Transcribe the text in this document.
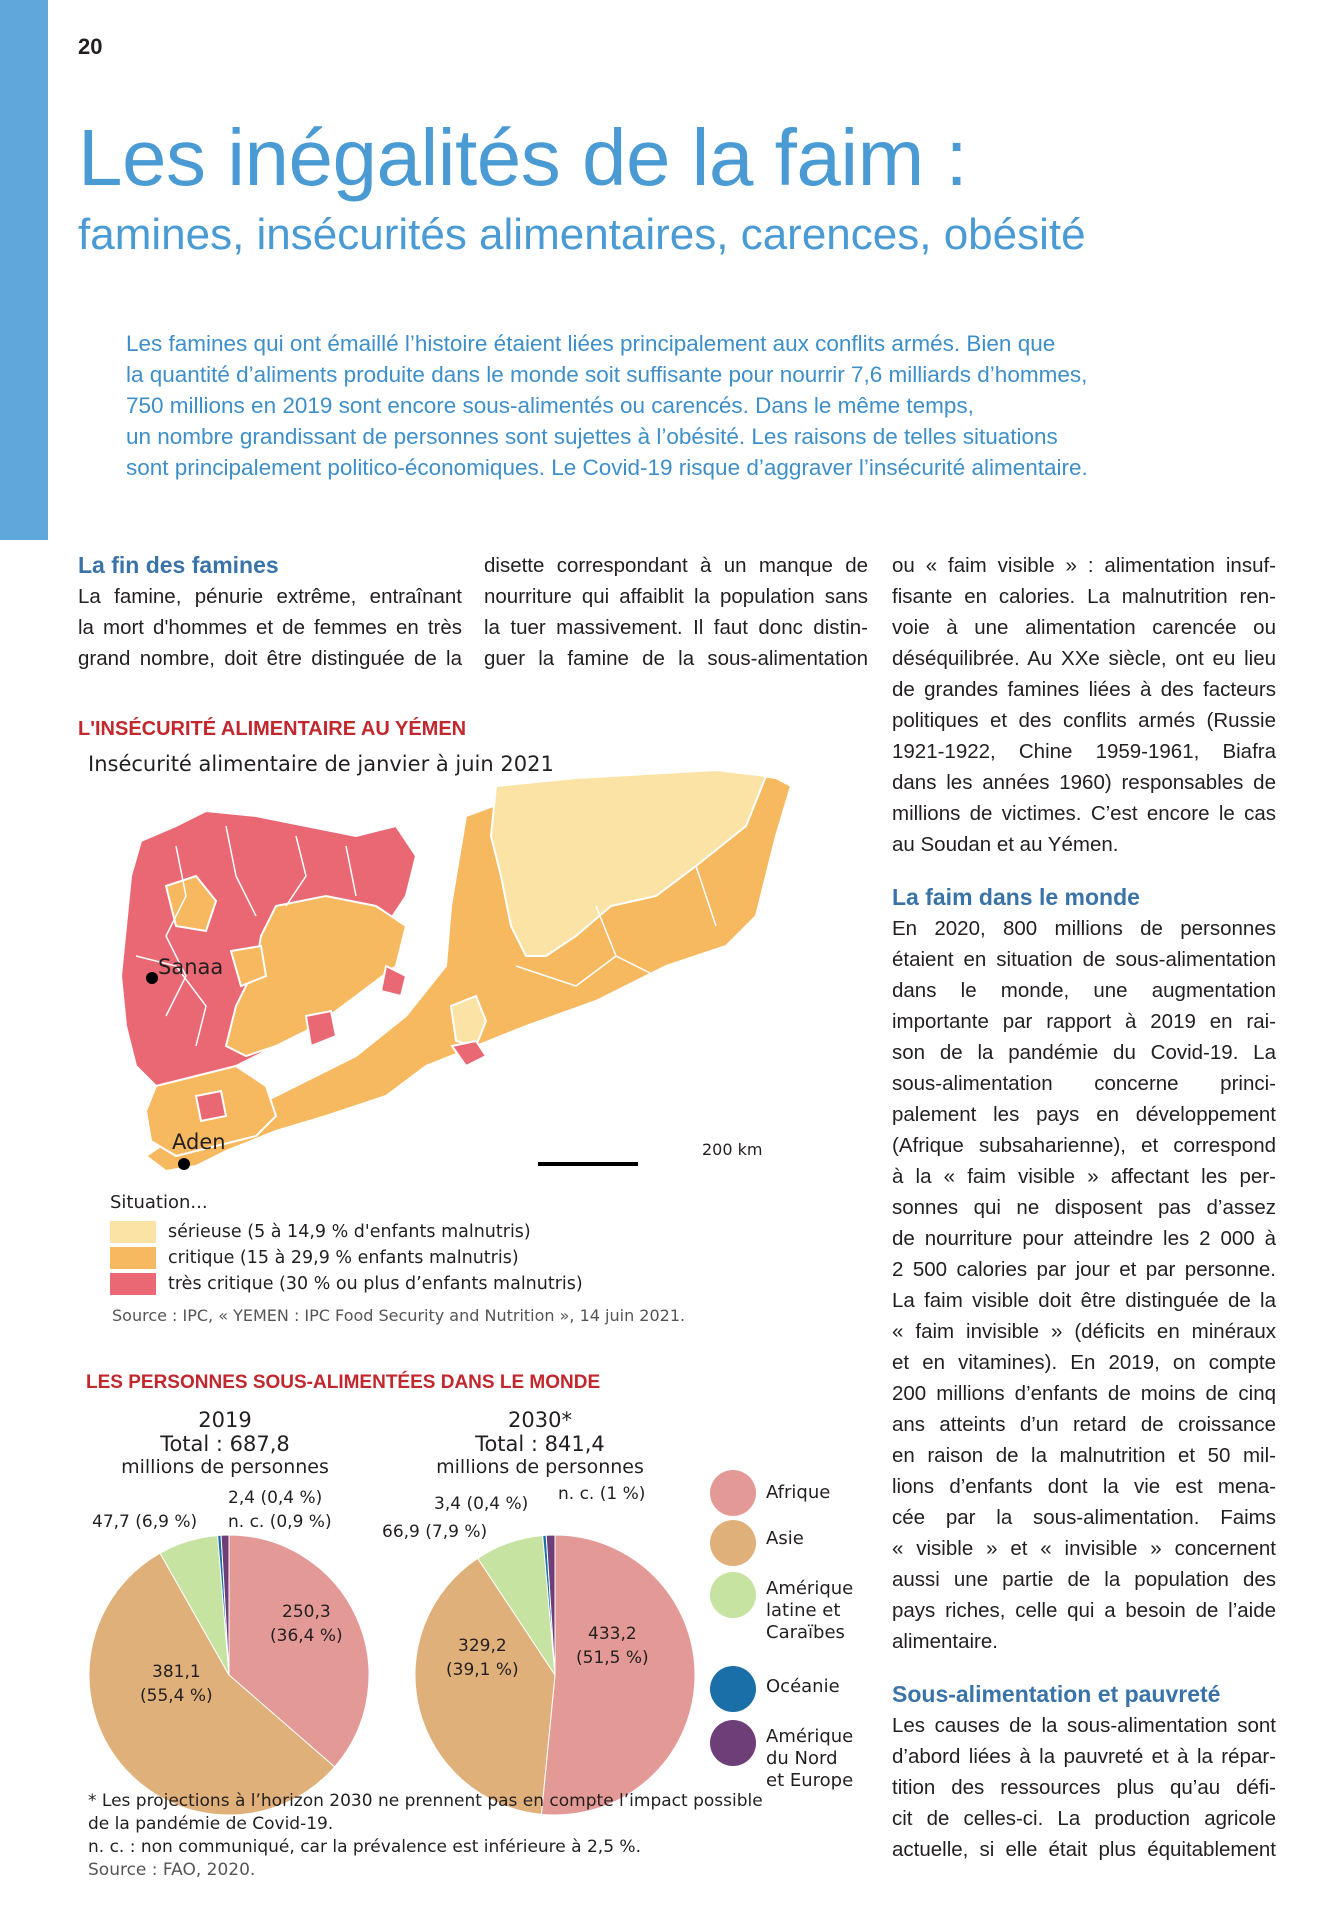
20
Les inégalités de la faim :
famines, insécurités alimentaires, carences, obésité

Les famines qui ont émaillé l’histoire étaient liées principalement aux conflits armés. Bien que

la quantité d’aliments produite dans le monde soit suffisante pour nourrir 7,6 milliards d’hommes,

750 millions en 2019 sont encore sous-alimentés ou carencés. Dans le même temps,

un nombre grandissant de personnes sont sujettes à l’obésité. Les raisons de telles situations

sont principalement politico-économiques. Le Covid-19 risque d’aggraver l’insécurité alimentaire.

La fin des famines
La famine, pénurie extrême, entraînant
la mort d'hommes et de femmes en très
grand nombre, doit être distinguée de la
disette correspondant à un manque de
nourriture qui affaiblit la population sans
la tuer massivement. Il faut donc distin-
guer la famine de la sous-alimentation
ou « faim visible » : alimentation insuf-
fisante en calories. La malnutrition ren-
voie à une alimentation carencée ou
déséquilibrée. Au XXe siècle, ont eu lieu
de grandes famines liées à des facteurs
politiques et des conflits armés (Russie
1921-1922, Chine 1959-1961, Biafra
dans les années 1960) responsables de
millions de victimes. C’est encore le cas
au Soudan et au Yémen.
La faim dans le monde
En 2020, 800 millions de personnes
étaient en situation de sous-alimentation
dans le monde, une augmentation
importante par rapport à 2019 en rai-
son de la pandémie du Covid-19. La
sous-alimentation concerne princi-
palement les pays en développement
(Afrique subsaharienne), et correspond
à la « faim visible » affectant les per-
sonnes qui ne disposent pas d’assez
de nourriture pour atteindre les 2 000 à
2 500 calories par jour et par personne.
La faim visible doit être distinguée de la
« faim invisible » (déficits en minéraux
et en vitamines). En 2019, on compte
200 millions d’enfants de moins de cinq
ans atteints d’un retard de croissance
en raison de la malnutrition et 50 mil-
lions d’enfants dont la vie est mena-
cée par la sous-alimentation. Faims
« visible » et « invisible » concernent
aussi une partie de la population des
pays riches, celle qui a besoin de l’aide
alimentaire.
Sous-alimentation et pauvreté
Les causes de la sous-alimentation sont
d’abord liées à la pauvreté et à la répar-
tition des ressources plus qu’au défi-
cit de celles-ci. La production agricole
actuelle, si elle était plus équitablement
L'INSÉCURITÉ ALIMENTAIRE AU YÉMEN
Insécurité alimentaire de janvier à juin 2021
Sanaa
Aden	200 km
Situation...
sérieuse (5 à 14,9 % d'enfants malnutris)
critique (15 à 29,9 % enfants malnutris)
très critique (30 % ou plus d’enfants malnutris)
Source : IPC, « YEMEN : IPC Food Security and Nutrition », 14 juin 2021.
LES PERSONNES SOUS-ALIMENTÉES DANS LE MONDE
2019
Total : 687,8
millions de personnes
2030*
Total : 841,4
millions de personnes
250,3
(36,4 %)
381,1
(55,4 %)
47,7 (6,9 %)
2,4 (0,4 %)
n. c. (0,9 %)
433,2
(51,5 %)
329,2
(39,1 %)
66,9 (7,9 %)
3,4 (0,4 %) n. c. (1 %)	Afrique
Asie
Amérique
latine et
Caraïbes
Océanie
Amérique
du Nord
et Europe

* Les projections à l’horizon 2030 ne prennent pas en compte l’impact possible

de la pandémie de Covid-19.

n. c. : non communiqué, car la prévalence est inférieure à 2,5 %.

Source : FAO, 2020.
